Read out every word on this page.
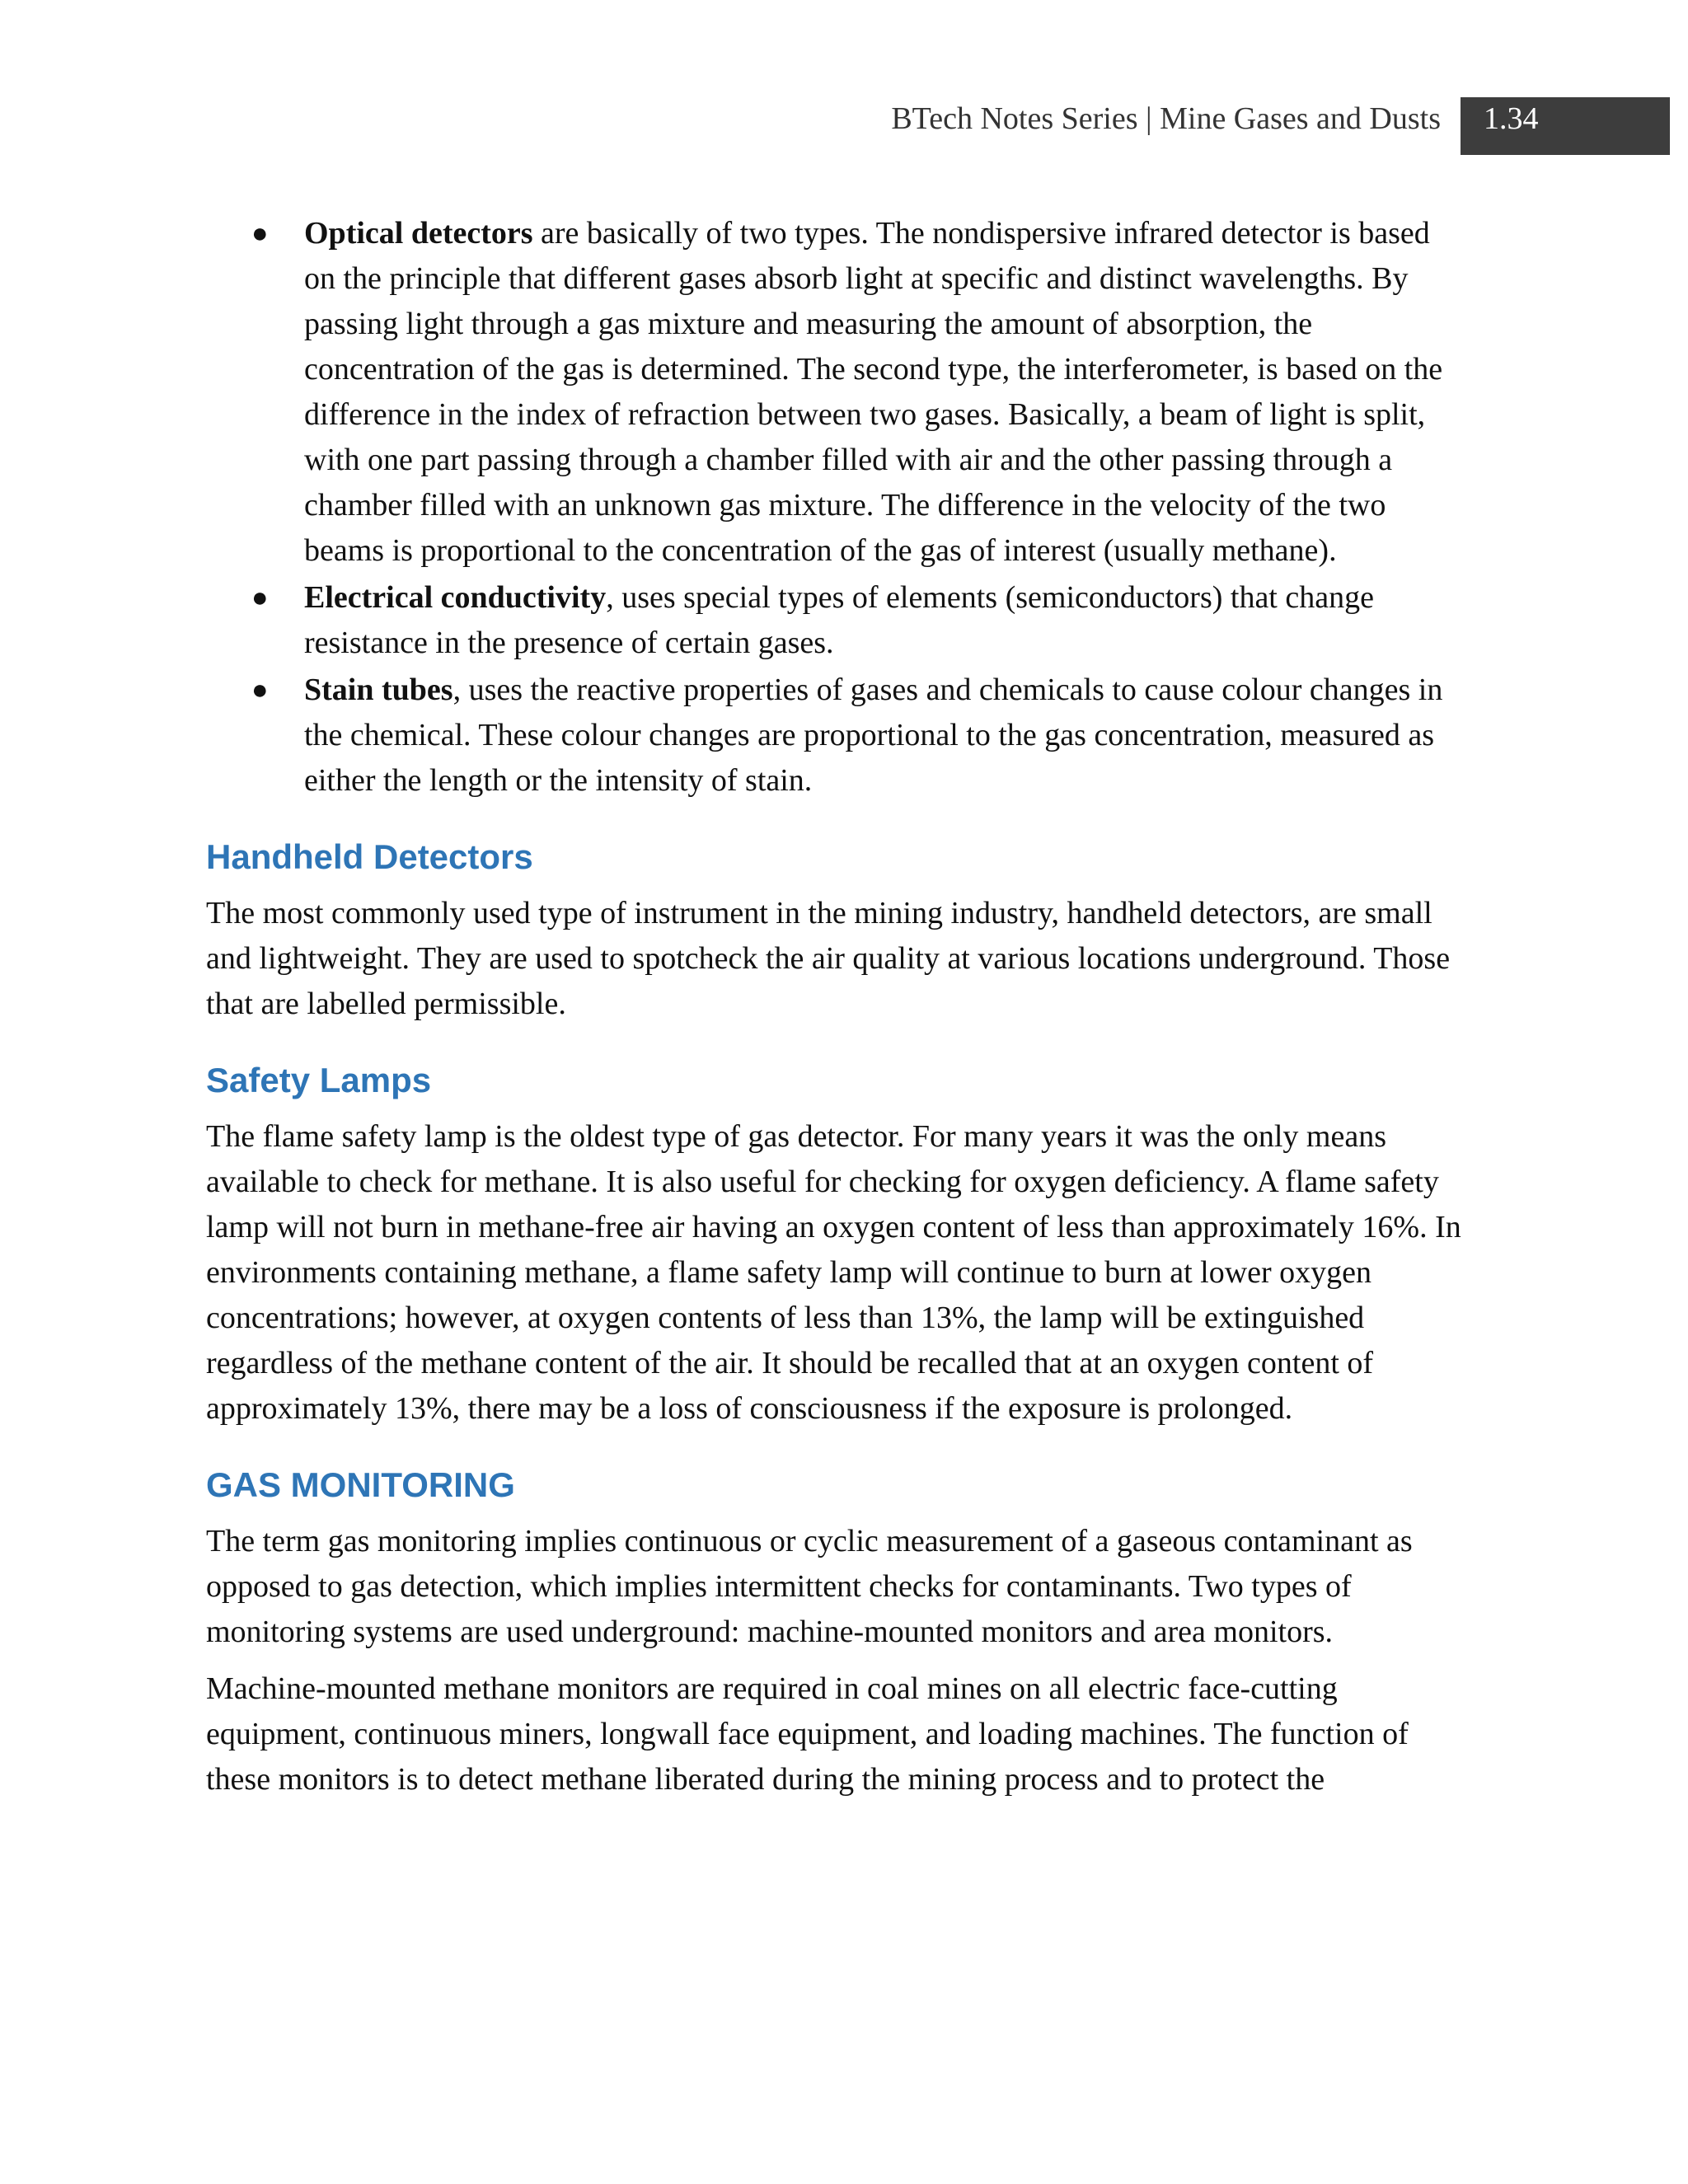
BTech Notes Series | Mine Gases and Dusts	1.34
● Optical detectors are basically of two types. The nondispersive infrared detector is based on the principle that different gases absorb light at specific and distinct wavelengths. By passing light through a gas mixture and measuring the amount of absorption, the concentration of the gas is determined. The second type, the interferometer, is based on the difference in the index of refraction between two gases. Basically, a beam of light is split, with one part passing through a chamber filled with air and the other passing through a chamber filled with an unknown gas mixture. The difference in the velocity of the two beams is proportional to the concentration of the gas of interest (usually methane).
● Electrical conductivity, uses special types of elements (semiconductors) that change resistance in the presence of certain gases.
● Stain tubes, uses the reactive properties of gases and chemicals to cause colour changes in the chemical. These colour changes are proportional to the gas concentration, measured as either the length or the intensity of stain.
Handheld Detectors

The most commonly used type of instrument in the mining industry, handheld detectors, are small and lightweight. They are used to spotcheck the air quality at various locations underground. Those that are labelled permissible.

Safety Lamps

The flame safety lamp is the oldest type of gas detector. For many years it was the only means available to check for methane. It is also useful for checking for oxygen deficiency. A flame safety lamp will not burn in methane-free air having an oxygen content of less than approximately 16%. In environments containing methane, a flame safety lamp will continue to burn at lower oxygen concentrations; however, at oxygen contents of less than 13%, the lamp will be extinguished regardless of the methane content of the air. It should be recalled that at an oxygen content of approximately 13%, there may be a loss of consciousness if the exposure is prolonged.

GAS MONITORING

The term gas monitoring implies continuous or cyclic measurement of a gaseous contaminant as opposed to gas detection, which implies intermittent checks for contaminants. Two types of monitoring systems are used underground: machine-mounted monitors and area monitors.

Machine-mounted methane monitors are required in coal mines on all electric face-cutting equipment, continuous miners, longwall face equipment, and loading machines. The function of these monitors is to detect methane liberated during the mining process and to protect the
